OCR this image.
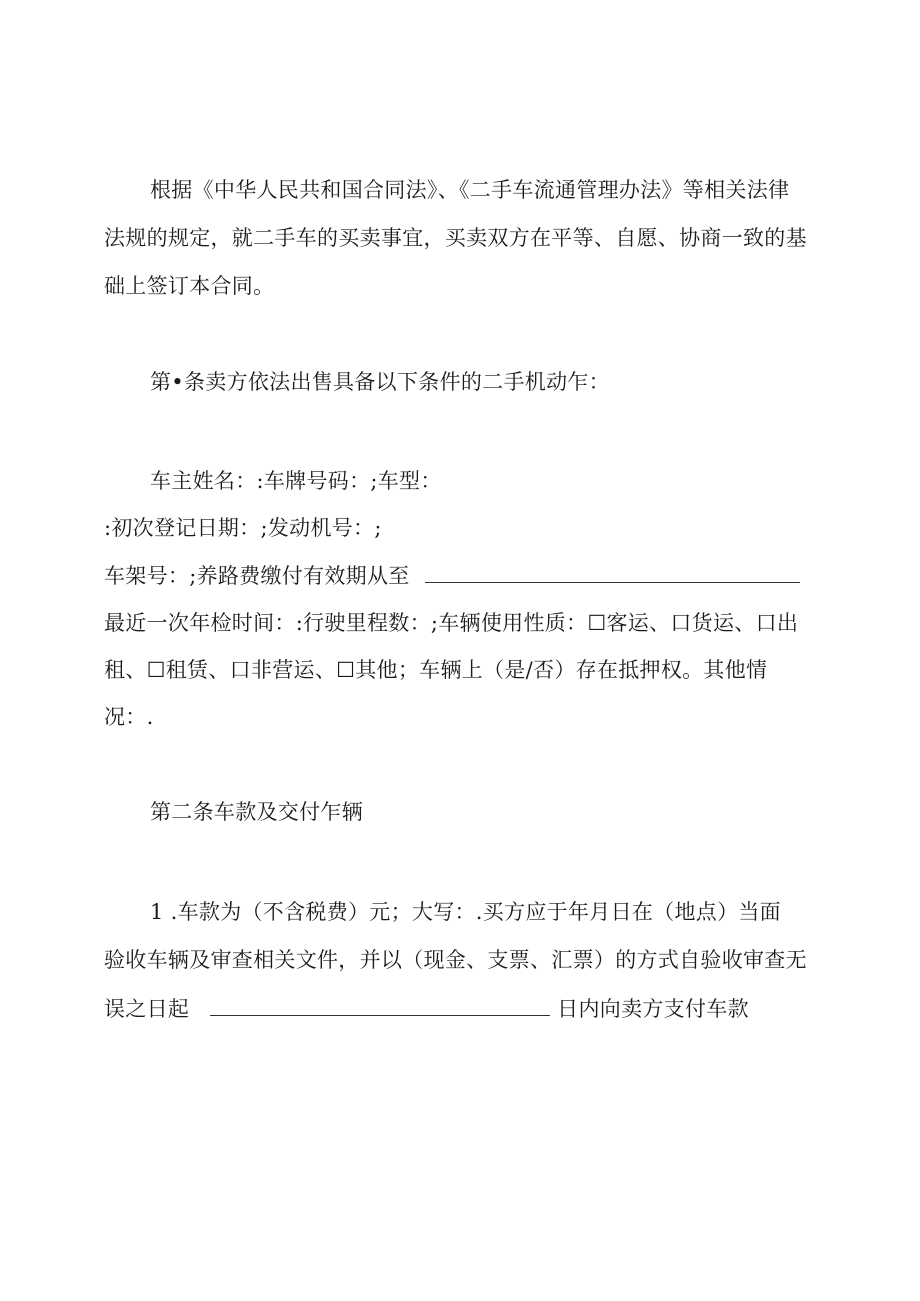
根据《中华人民共和国合同法》、《二手车流通管理办法》等相关法律
法规的规定，就二手车的买卖事宜，买卖双方在平等、自愿、协商一致的基
础上签订本合同。
第•条卖方依法出售具备以下条件的二手机动乍：
车主姓名：:车牌号码：;车型：
:初次登记日期：;发动机号：;
车架号：;养路费缴付有效期从至
最近一次年检时间：:行驶里程数：;车辆使用性质：☐客运、口货运、口出
租、☐租赁、口非营运、☐其他；车辆上（是/否）存在抵押权。其他情
况：.
第二条车款及交付乍辆
1 .车款为（不含税费）元；大写：.买方应于年月日在（地点）当面
验收车辆及审查相关文件，并以（现金、支票、汇票）的方式自验收审查无
误之日起	日内向卖方支付车款
